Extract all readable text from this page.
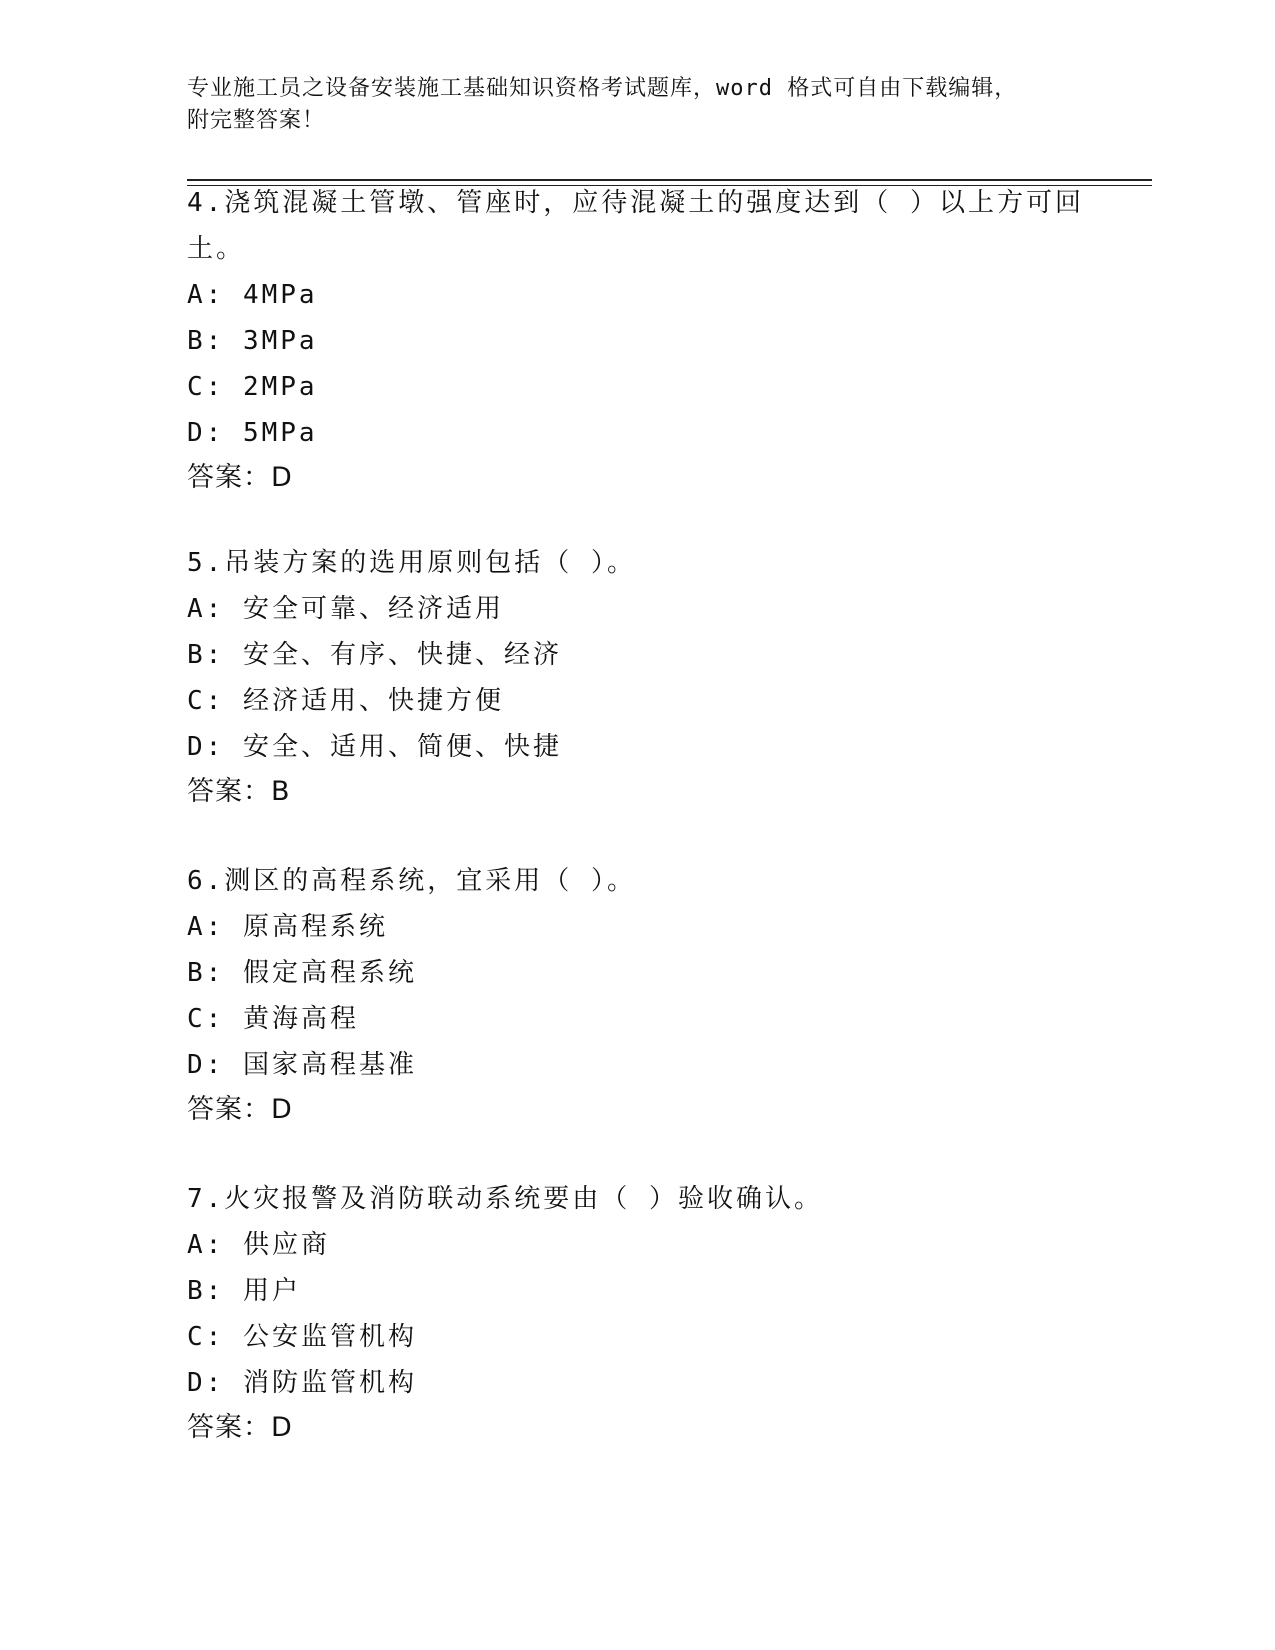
专业施工员之设备安装施工基础知识资格考试题库，word 格式可自由下载编辑，
附完整答案！
4.浇筑混凝土管墩、管座时，应待混凝土的强度达到（ ）以上方可回土。
A: 4MPa
B: 3MPa
C: 2MPa
D: 5MPa
答案：D
5.吊装方案的选用原则包括（ ）。
A: 安全可靠、经济适用
B: 安全、有序、快捷、经济
C: 经济适用、快捷方便
D: 安全、适用、简便、快捷
答案：B
6.测区的高程系统，宜采用（ ）。
A: 原高程系统
B: 假定高程系统
C: 黄海高程
D: 国家高程基准
答案：D
7.火灾报警及消防联动系统要由（ ）验收确认。
A: 供应商
B: 用户
C: 公安监管机构
D: 消防监管机构
答案：D
